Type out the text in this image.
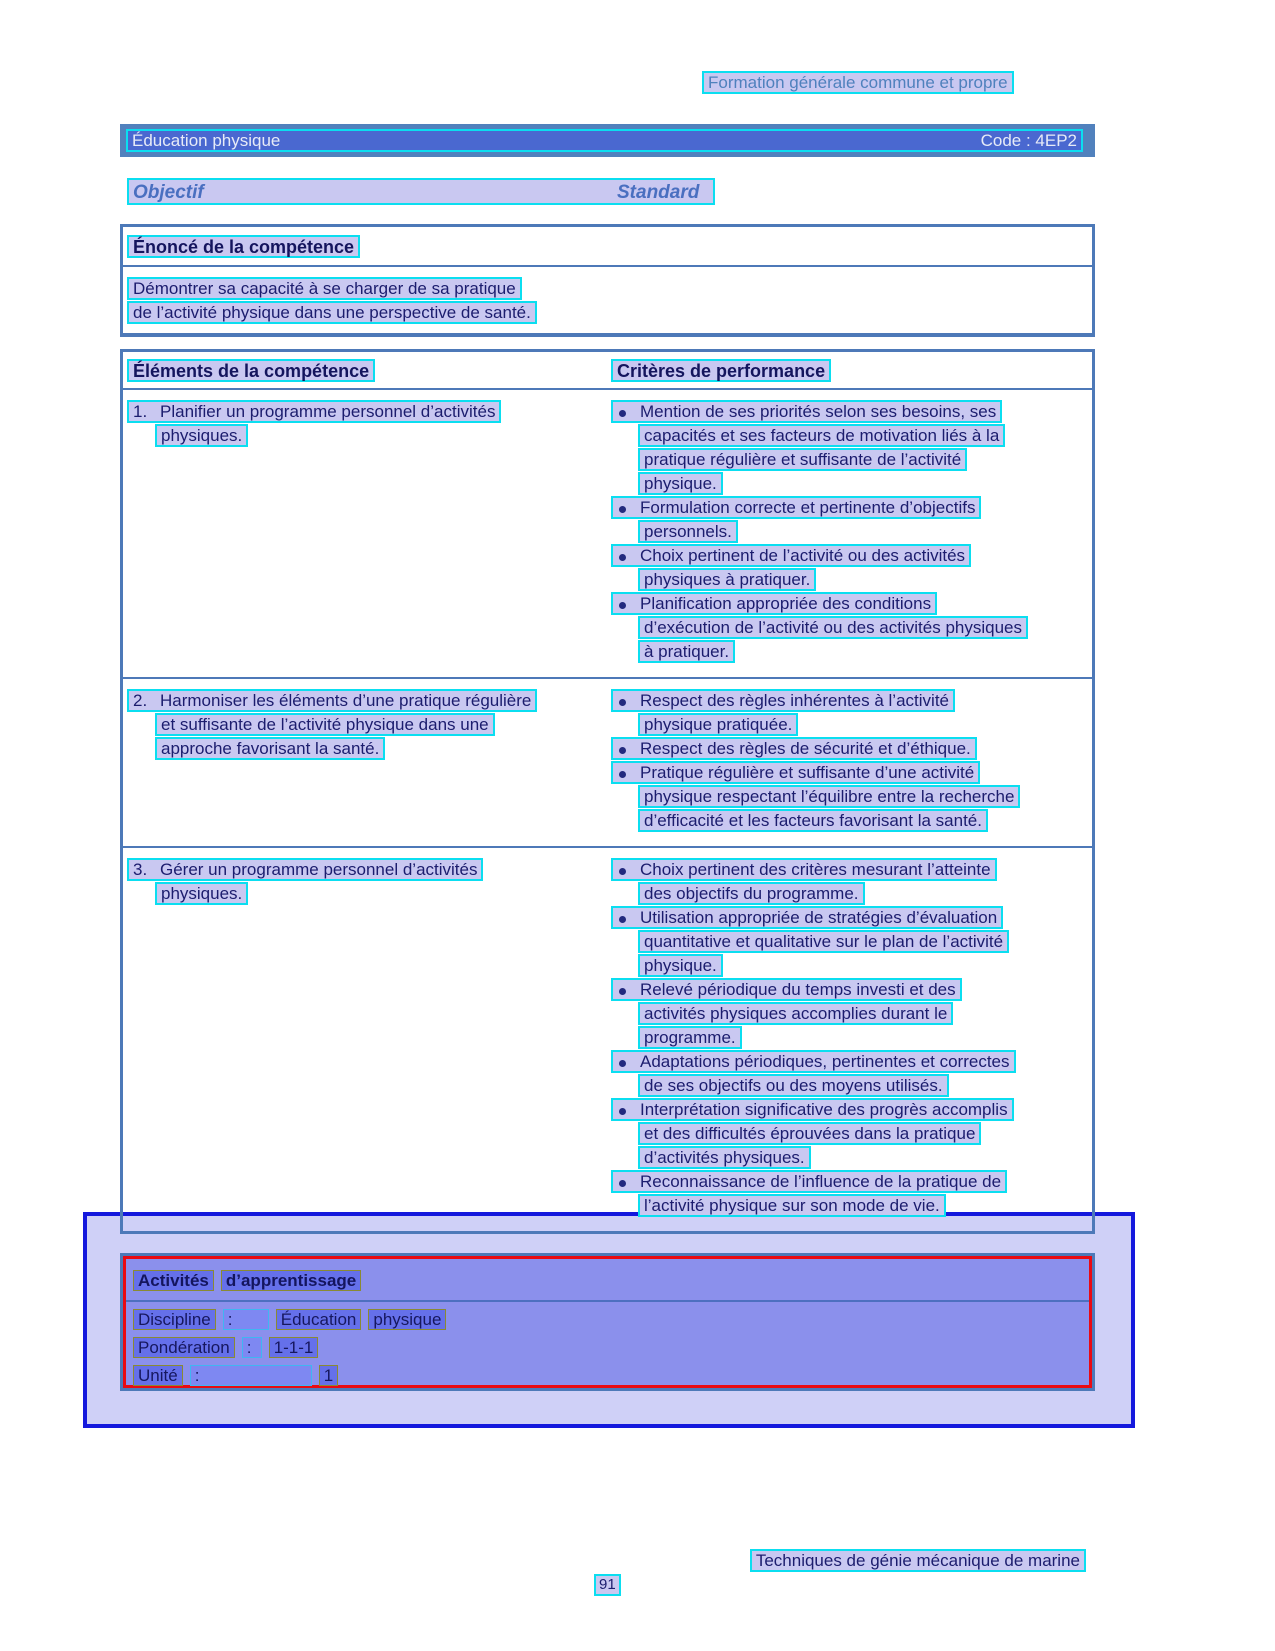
Formation générale commune et propre
Éducation physique	Code : 4EP2
Objectif	Standard
Énoncé de la compétence
Démontrer sa capacité à se charger de sa pratique
de l’activité physique dans une perspective de santé.
Éléments de la compétence	Critères de performance
1. Planifier un programme personnel d’activités
physiques.
Mention de ses priorités selon ses besoins, ses
capacités et ses facteurs de motivation liés à la
pratique régulière et suffisante de l’activité
physique.
Formulation correcte et pertinente d’objectifs
personnels.
Choix pertinent de l’activité ou des activités
physiques à pratiquer.
Planification appropriée des conditions
d’exécution de l’activité ou des activités physiques
à pratiquer.
2. Harmoniser les éléments d’une pratique régulière
et suffisante de l’activité physique dans une
approche favorisant la santé.
Respect des règles inhérentes à l’activité
physique pratiquée.
Respect des règles de sécurité et d’éthique.
Pratique régulière et suffisante d’une activité
physique respectant l’équilibre entre la recherche
d’efficacité et les facteurs favorisant la santé.
3. Gérer un programme personnel d’activités
physiques.
Choix pertinent des critères mesurant l’atteinte
des objectifs du programme.
Utilisation appropriée de stratégies d’évaluation
quantitative et qualitative sur le plan de l’activité
physique.
Relevé périodique du temps investi et des
activités physiques accomplies durant le
programme.
Adaptations périodiques, pertinentes et correctes
de ses objectifs ou des moyens utilisés.
Interprétation significative des progrès accomplis
et des difficultés éprouvées dans la pratique
d’activités physiques.
Reconnaissance de l’influence de la pratique de
l’activité physique sur son mode de vie.
Activités d’apprentissage
Discipline :	Éducation physique
Pondération : 1-1-1
Unité :	1
Techniques de génie mécanique de marine
91
